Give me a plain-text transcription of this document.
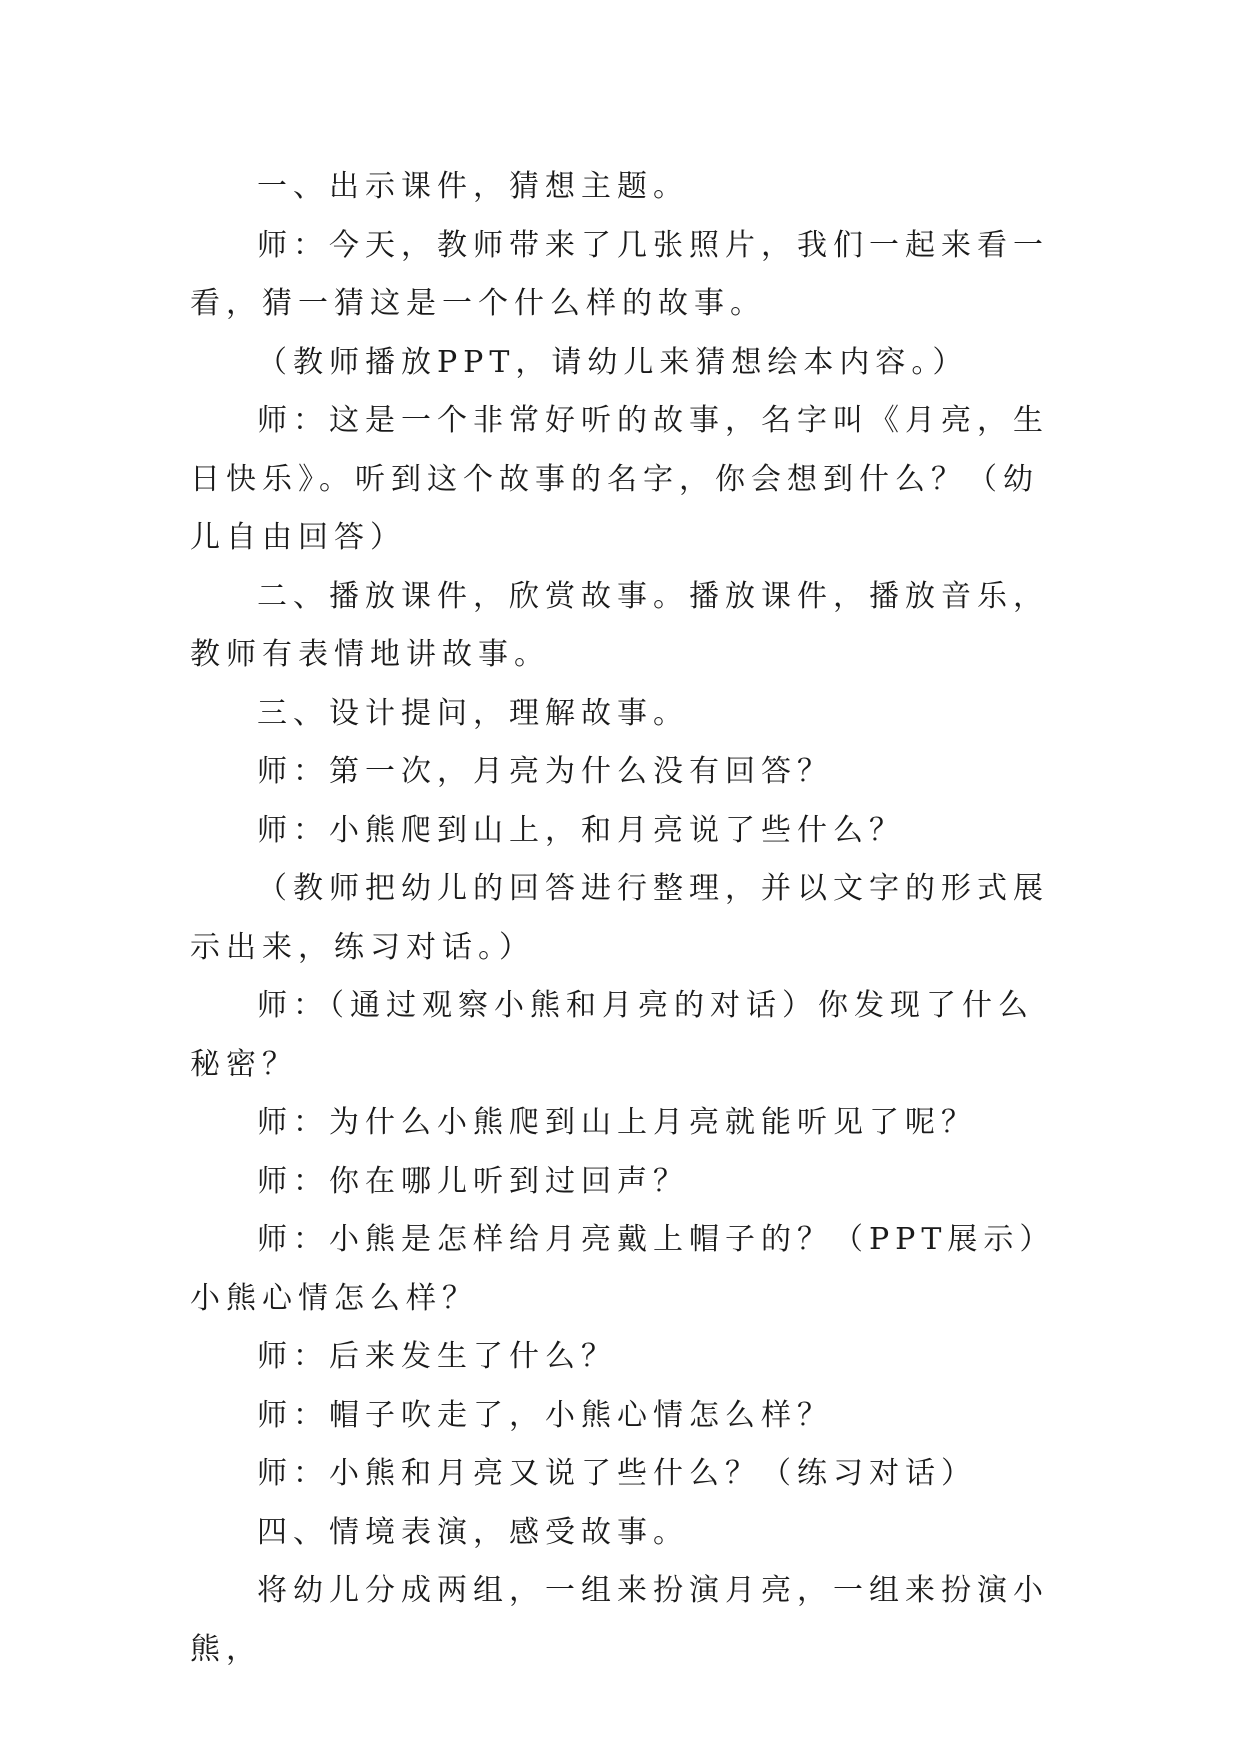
一、出示课件，猜想主题。

师：今天，教师带来了几张照片，我们一起来看一看，猜一猜这是一个什么样的故事。

（教师播放PPT，请幼儿来猜想绘本内容。）

师：这是一个非常好听的故事，名字叫《月亮，生日快乐》。听到这个故事的名字，你会想到什么？（幼儿自由回答）

二、播放课件，欣赏故事。播放课件，播放音乐，教师有表情地讲故事。

三、设计提问，理解故事。

师：第一次，月亮为什么没有回答？

师：小熊爬到山上，和月亮说了些什么？

（教师把幼儿的回答进行整理，并以文字的形式展示出来，练习对话。）

师：（通过观察小熊和月亮的对话）你发现了什么秘密？

师：为什么小熊爬到山上月亮就能听见了呢？

师：你在哪儿听到过回声？

师：小熊是怎样给月亮戴上帽子的？（PPT展示）小熊心情怎么样？

师：后来发生了什么？

师：帽子吹走了，小熊心情怎么样？

师：小熊和月亮又说了些什么？（练习对话）

四、情境表演，感受故事。

将幼儿分成两组，一组来扮演月亮，一组来扮演小熊，
